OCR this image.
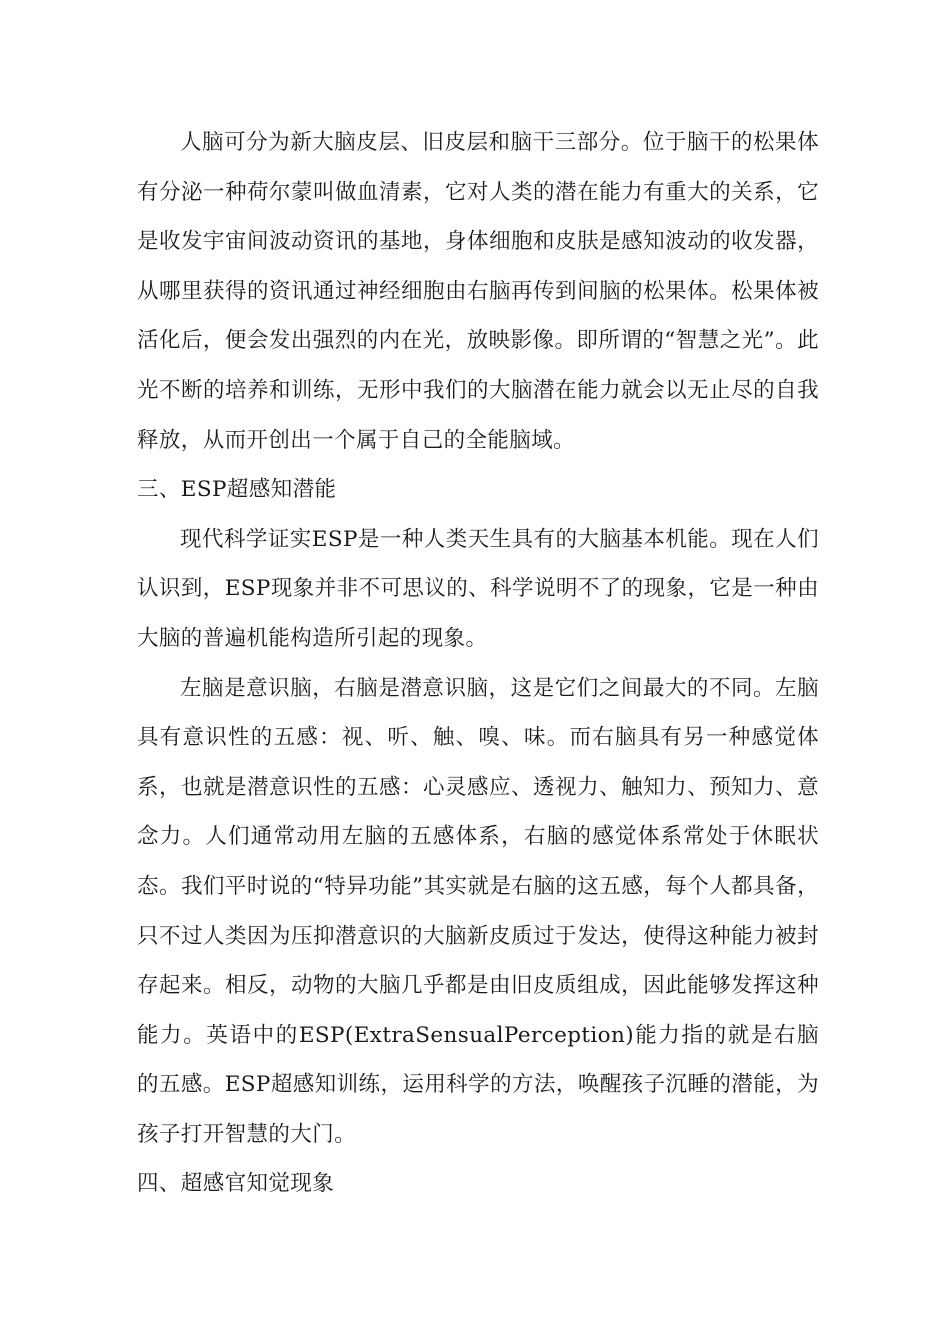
人脑可分为新大脑皮层、旧皮层和脑干三部分。位于脑干的松果体有分泌一种荷尔蒙叫做血清素，它对人类的潜在能力有重大的关系，它是收发宇宙间波动资讯的基地，身体细胞和皮肤是感知波动的收发器，从哪里获得的资讯通过神经细胞由右脑再传到间脑的松果体。松果体被活化后，便会发出强烈的内在光，放映影像。即所谓的“智慧之光”。此光不断的培养和训练，无形中我们的大脑潜在能力就会以无止尽的自我释放，从而开创出一个属于自己的全能脑域。

三、ESP超感知潜能

现代科学证实ESP是一种人类天生具有的大脑基本机能。现在人们认识到，ESP现象并非不可思议的、科学说明不了的现象，它是一种由大脑的普遍机能构造所引起的现象。

左脑是意识脑，右脑是潜意识脑，这是它们之间最大的不同。左脑具有意识性的五感：视、听、触、嗅、味。而右脑具有另一种感觉体系，也就是潜意识性的五感：心灵感应、透视力、触知力、预知力、意念力。人们通常动用左脑的五感体系，右脑的感觉体系常处于休眠状态。我们平时说的“特异功能”其实就是右脑的这五感，每个人都具备，只不过人类因为压抑潜意识的大脑新皮质过于发达，使得这种能力被封存起来。相反，动物的大脑几乎都是由旧皮质组成，因此能够发挥这种能力。英语中的ESP(ExtraSensualPerception)能力指的就是右脑的五感。ESP超感知训练，运用科学的方法，唤醒孩子沉睡的潜能，为孩子打开智慧的大门。

四、超感官知觉现象
